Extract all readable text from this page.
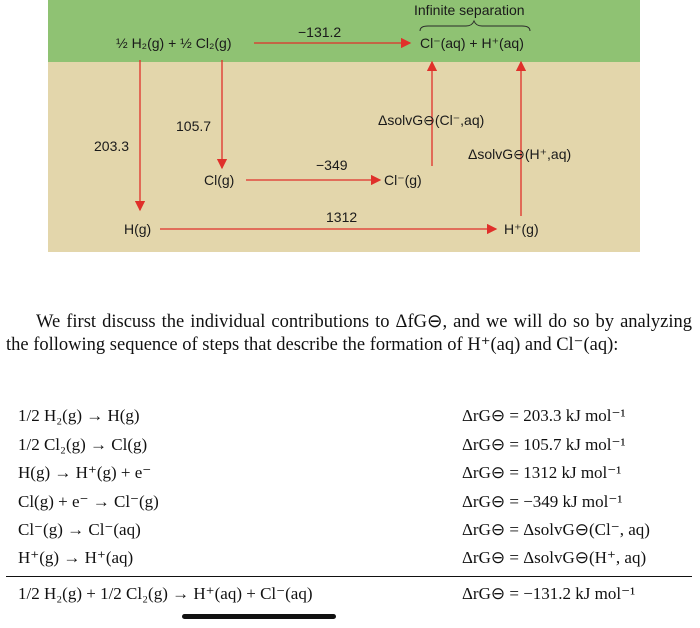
Infinite separation
½ H₂(g) + ½ Cl₂(g)
−131.2
Cl⁻(aq) + H⁺(aq)
203.3
105.7
Cl(g)
−349
Cl⁻(g)
ΔsolvG⊖(Cl⁻,aq)
ΔsolvG⊖(H⁺,aq)
H(g)
1312
H⁺(g)
We first discuss the individual contributions to ΔfG⊖, and we will do so by analyzing the following sequence of steps that describe the formation of H⁺(aq) and Cl⁻(aq):
1/2 H₂(g) → H(g)	ΔrG⊖ = 203.3 kJ mol⁻¹
1/2 Cl₂(g) → Cl(g)	ΔrG⊖ = 105.7 kJ mol⁻¹
H(g) → H⁺(g) + e⁻	ΔrG⊖ = 1312 kJ mol⁻¹
Cl(g) + e⁻ → Cl⁻(g)	ΔrG⊖ = −349 kJ mol⁻¹
Cl⁻(g) → Cl⁻(aq)	ΔrG⊖ = ΔsolvG⊖(Cl⁻, aq)
H⁺(g) → H⁺(aq)	ΔrG⊖ = ΔsolvG⊖(H⁺, aq)
1/2 H₂(g) + 1/2 Cl₂(g) → H⁺(aq) + Cl⁻(aq)	ΔrG⊖ = −131.2 kJ mol⁻¹
